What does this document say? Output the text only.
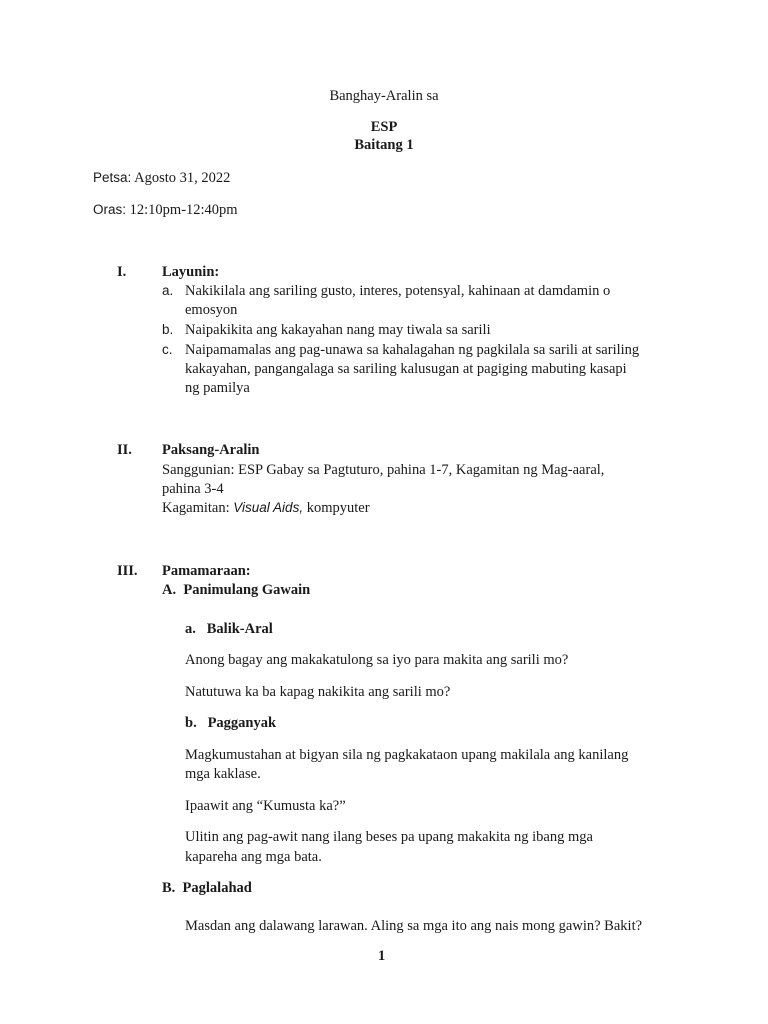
Banghay-Aralin sa
ESP
Baitang 1
Petsa: Agosto 31, 2022
Oras: 12:10pm-12:40pm
I. Layunin:
a. Nakikilala ang sariling gusto, interes, potensyal, kahinaan at damdamin o
emosyon
b. Naipakikita ang kakayahan nang may tiwala sa sarili
c. Naipamamalas ang pag-unawa sa kahalagahan ng pagkilala sa sarili at sariling
kakayahan, pangangalaga sa sariling kalusugan at pagiging mabuting kasapi
ng pamilya
II. Paksang-Aralin
Sanggunian: ESP Gabay sa Pagtuturo, pahina 1-7, Kagamitan ng Mag-aaral,
pahina 3-4
Kagamitan: Visual Aids, kompyuter
III. Pamamaraan:
A.  Panimulang Gawain
a.   Balik-Aral
Anong bagay ang makakatulong sa iyo para makita ang sarili mo?
Natutuwa ka ba kapag nakikita ang sarili mo?
b.   Pagganyak
Magkumustahan at bigyan sila ng pagkakataon upang makilala ang kanilang
mga kaklase.
Ipaawit ang “Kumusta ka?”
Ulitin ang pag-awit nang ilang beses pa upang makakita ng ibang mga
kapareha ang mga bata.
B.  Paglalahad
Masdan ang dalawang larawan. Aling sa mga ito ang nais mong gawin? Bakit?
1
